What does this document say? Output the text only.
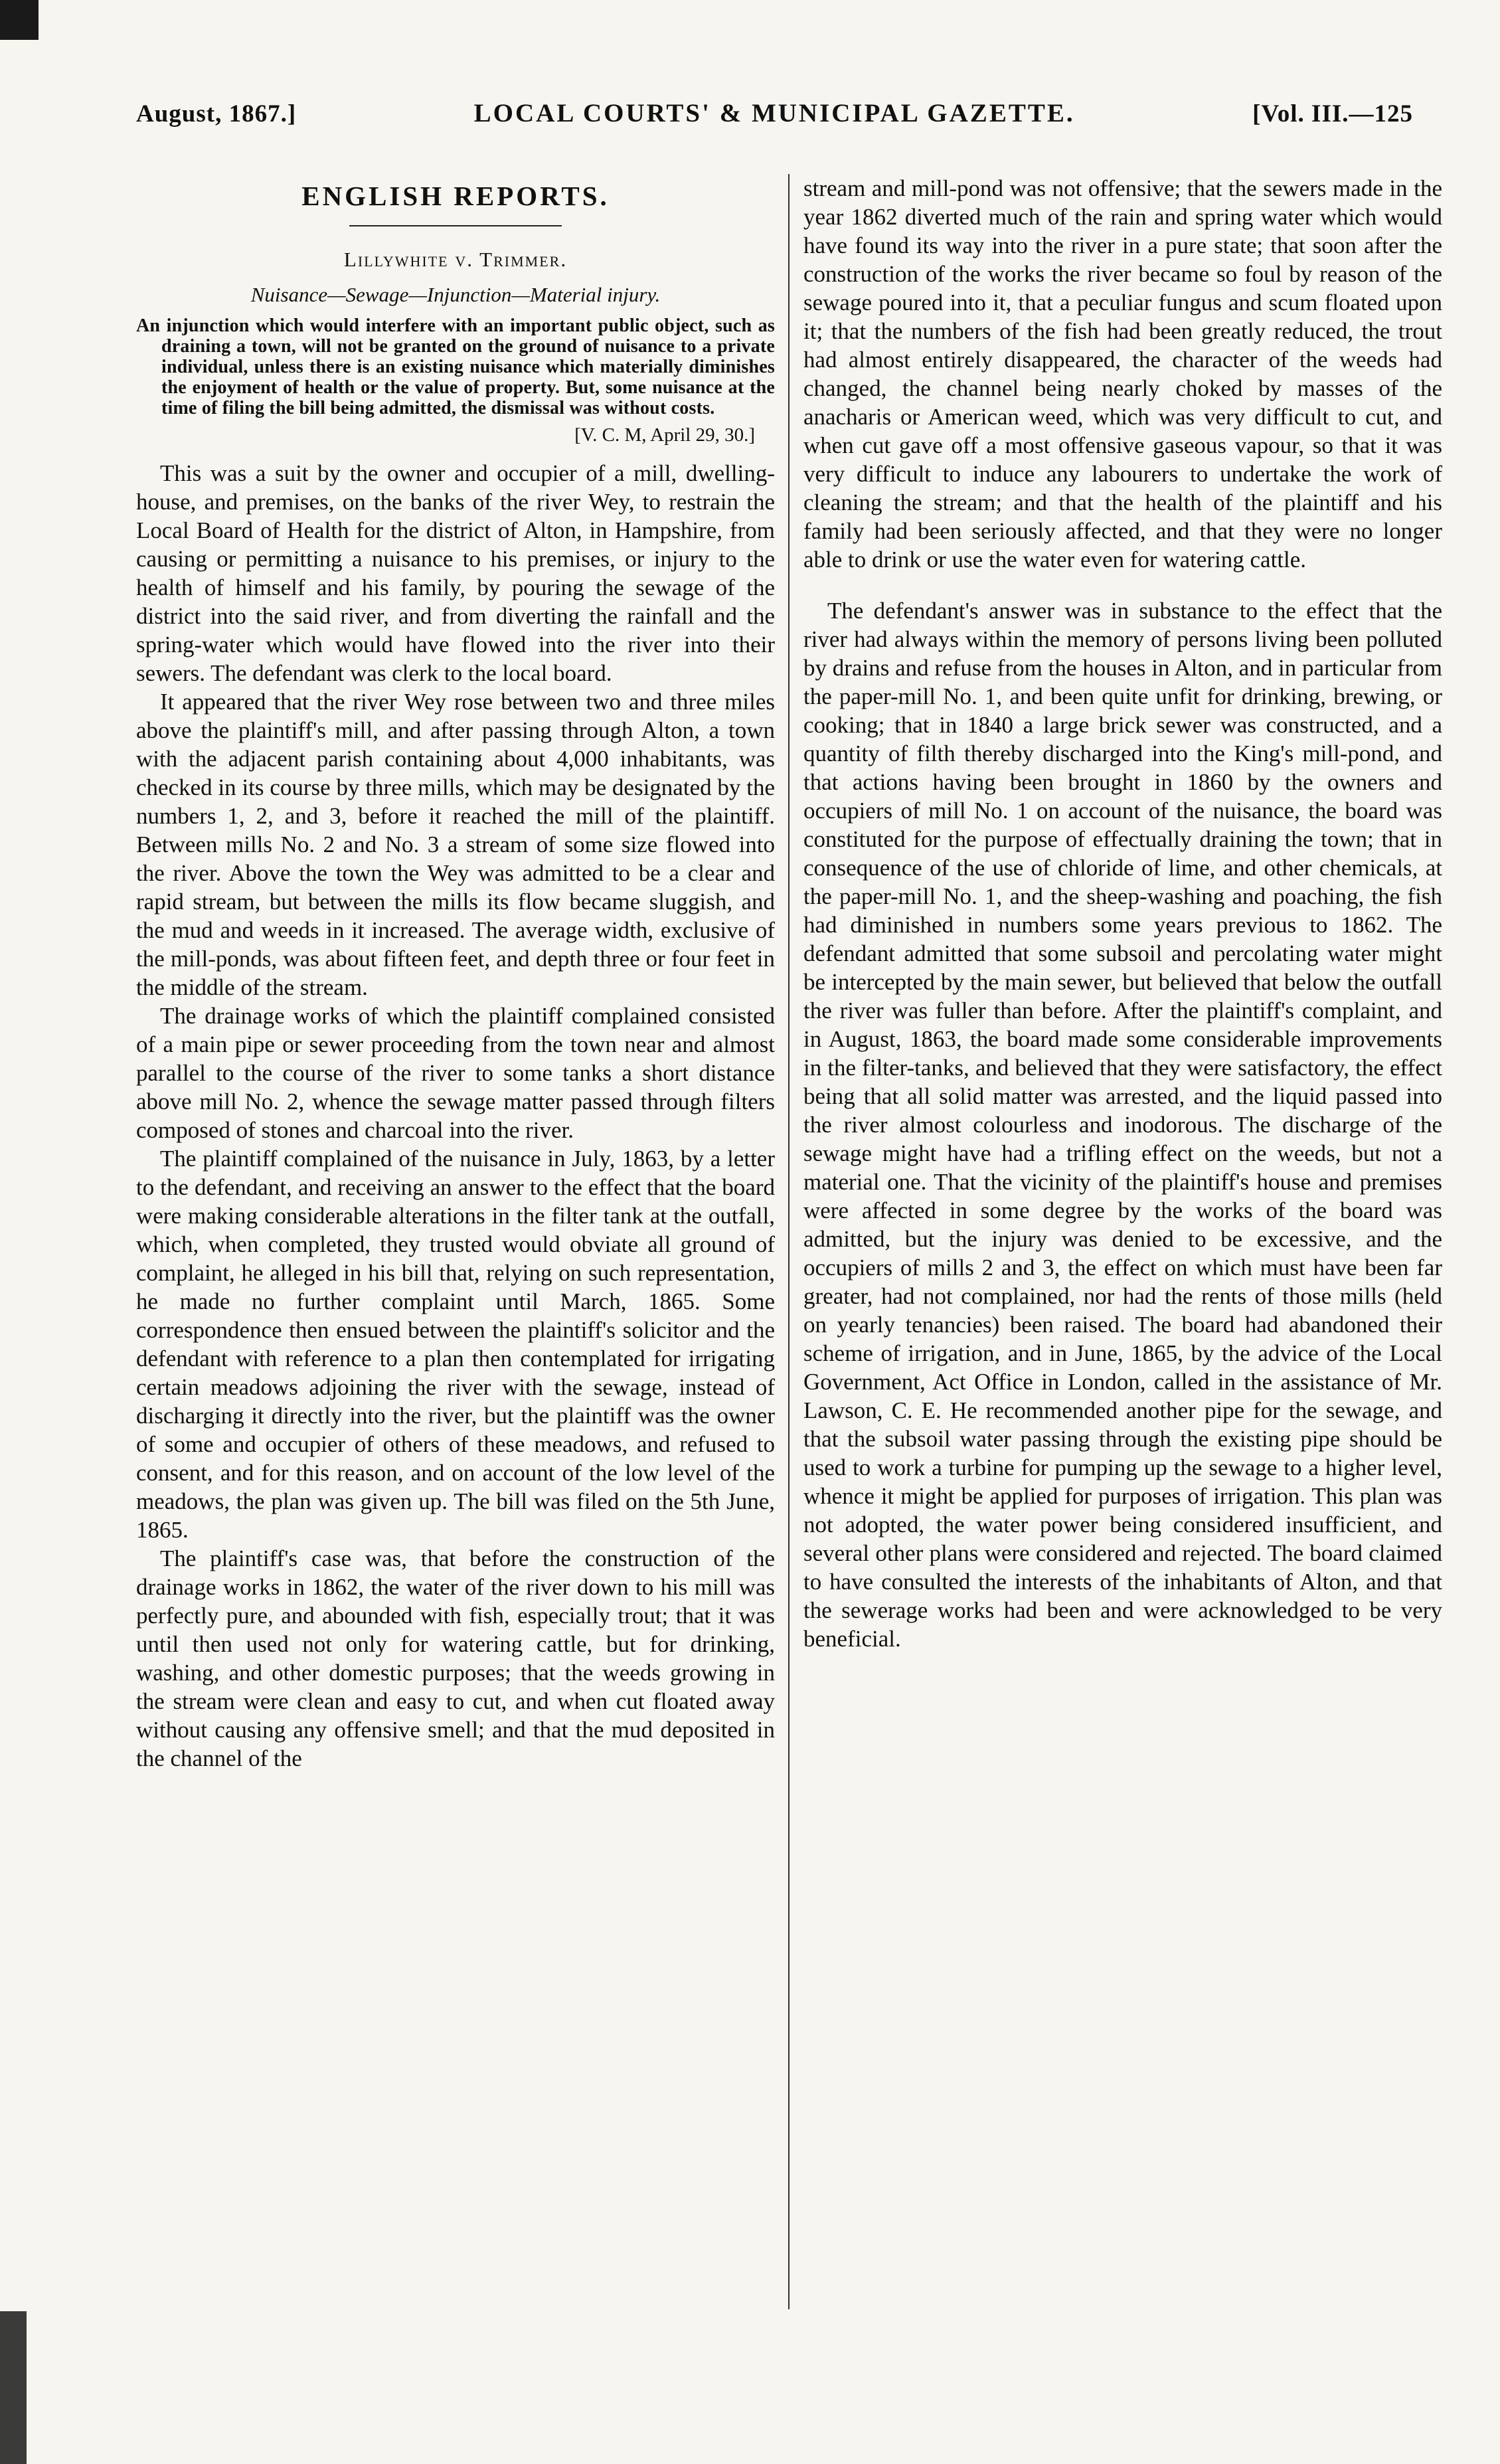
August, 1867.]	LOCAL COURTS' & MUNICIPAL GAZETTE.	[Vol. III.—125
ENGLISH REPORTS.
Lillywhite v. Trimmer.
Nuisance—Sewage—Injunction—Material injury.

An injunction which would interfere with an important public object, such as draining a town, will not be granted on the ground of nuisance to a private individual, unless there is an existing nuisance which materially diminishes the enjoyment of health or the value of property. But, some nuisance at the time of filing the bill being admitted, the dismissal was without costs.

[V. C. M, April 29, 30.]

This was a suit by the owner and occupier of a mill, dwelling-house, and premises, on the banks of the river Wey, to restrain the Local Board of Health for the district of Alton, in Hampshire, from causing or permitting a nuisance to his premises, or injury to the health of himself and his family, by pouring the sewage of the district into the said river, and from diverting the rainfall and the spring-water which would have flowed into the river into their sewers. The defendant was clerk to the local board.

It appeared that the river Wey rose between two and three miles above the plaintiff's mill, and after passing through Alton, a town with the adjacent parish containing about 4,000 inhabitants, was checked in its course by three mills, which may be designated by the numbers 1, 2, and 3, before it reached the mill of the plaintiff. Between mills No. 2 and No. 3 a stream of some size flowed into the river. Above the town the Wey was admitted to be a clear and rapid stream, but between the mills its flow became sluggish, and the mud and weeds in it increased. The average width, exclusive of the mill-ponds, was about fifteen feet, and depth three or four feet in the middle of the stream.

The drainage works of which the plaintiff complained consisted of a main pipe or sewer proceeding from the town near and almost parallel to the course of the river to some tanks a short distance above mill No. 2, whence the sewage matter passed through filters composed of stones and charcoal into the river.

The plaintiff complained of the nuisance in July, 1863, by a letter to the defendant, and receiving an answer to the effect that the board were making considerable alterations in the filter tank at the outfall, which, when completed, they trusted would obviate all ground of complaint, he alleged in his bill that, relying on such representation, he made no further complaint until March, 1865. Some correspondence then ensued between the plaintiff's solicitor and the defendant with reference to a plan then contemplated for irrigating certain meadows adjoining the river with the sewage, instead of discharging it directly into the river, but the plaintiff was the owner of some and occupier of others of these meadows, and refused to consent, and for this reason, and on account of the low level of the meadows, the plan was given up. The bill was filed on the 5th June, 1865.

The plaintiff's case was, that before the construction of the drainage works in 1862, the water of the river down to his mill was perfectly pure, and abounded with fish, especially trout; that it was until then used not only for watering cattle, but for drinking, washing, and other domestic purposes; that the weeds growing in the stream were clean and easy to cut, and when cut floated away without causing any offensive smell; and that the mud deposited in the channel of the

stream and mill-pond was not offensive; that the sewers made in the year 1862 diverted much of the rain and spring water which would have found its way into the river in a pure state; that soon after the construction of the works the river became so foul by reason of the sewage poured into it, that a peculiar fungus and scum floated upon it; that the numbers of the fish had been greatly reduced, the trout had almost entirely disappeared, the character of the weeds had changed, the channel being nearly choked by masses of the anacharis or American weed, which was very difficult to cut, and when cut gave off a most offensive gaseous vapour, so that it was very difficult to induce any labourers to undertake the work of cleaning the stream; and that the health of the plaintiff and his family had been seriously affected, and that they were no longer able to drink or use the water even for watering cattle.

The defendant's answer was in substance to the effect that the river had always within the memory of persons living been polluted by drains and refuse from the houses in Alton, and in particular from the paper-mill No. 1, and been quite unfit for drinking, brewing, or cooking; that in 1840 a large brick sewer was constructed, and a quantity of filth thereby discharged into the King's mill-pond, and that actions having been brought in 1860 by the owners and occupiers of mill No. 1 on account of the nuisance, the board was constituted for the purpose of effectually draining the town; that in consequence of the use of chloride of lime, and other chemicals, at the paper-mill No. 1, and the sheep-washing and poaching, the fish had diminished in numbers some years previous to 1862. The defendant admitted that some subsoil and percolating water might be intercepted by the main sewer, but believed that below the outfall the river was fuller than before. After the plaintiff's complaint, and in August, 1863, the board made some considerable improvements in the filter-tanks, and believed that they were satisfactory, the effect being that all solid matter was arrested, and the liquid passed into the river almost colourless and inodorous. The discharge of the sewage might have had a trifling effect on the weeds, but not a material one. That the vicinity of the plaintiff's house and premises were affected in some degree by the works of the board was admitted, but the injury was denied to be excessive, and the occupiers of mills 2 and 3, the effect on which must have been far greater, had not complained, nor had the rents of those mills (held on yearly tenancies) been raised. The board had abandoned their scheme of irrigation, and in June, 1865, by the advice of the Local Government, Act Office in London, called in the assistance of Mr. Lawson, C. E. He recommended another pipe for the sewage, and that the subsoil water passing through the existing pipe should be used to work a turbine for pumping up the sewage to a higher level, whence it might be applied for purposes of irrigation. This plan was not adopted, the water power being considered insufficient, and several other plans were considered and rejected. The board claimed to have consulted the interests of the inhabitants of Alton, and that the sewerage works had been and were acknowledged to be very beneficial.
